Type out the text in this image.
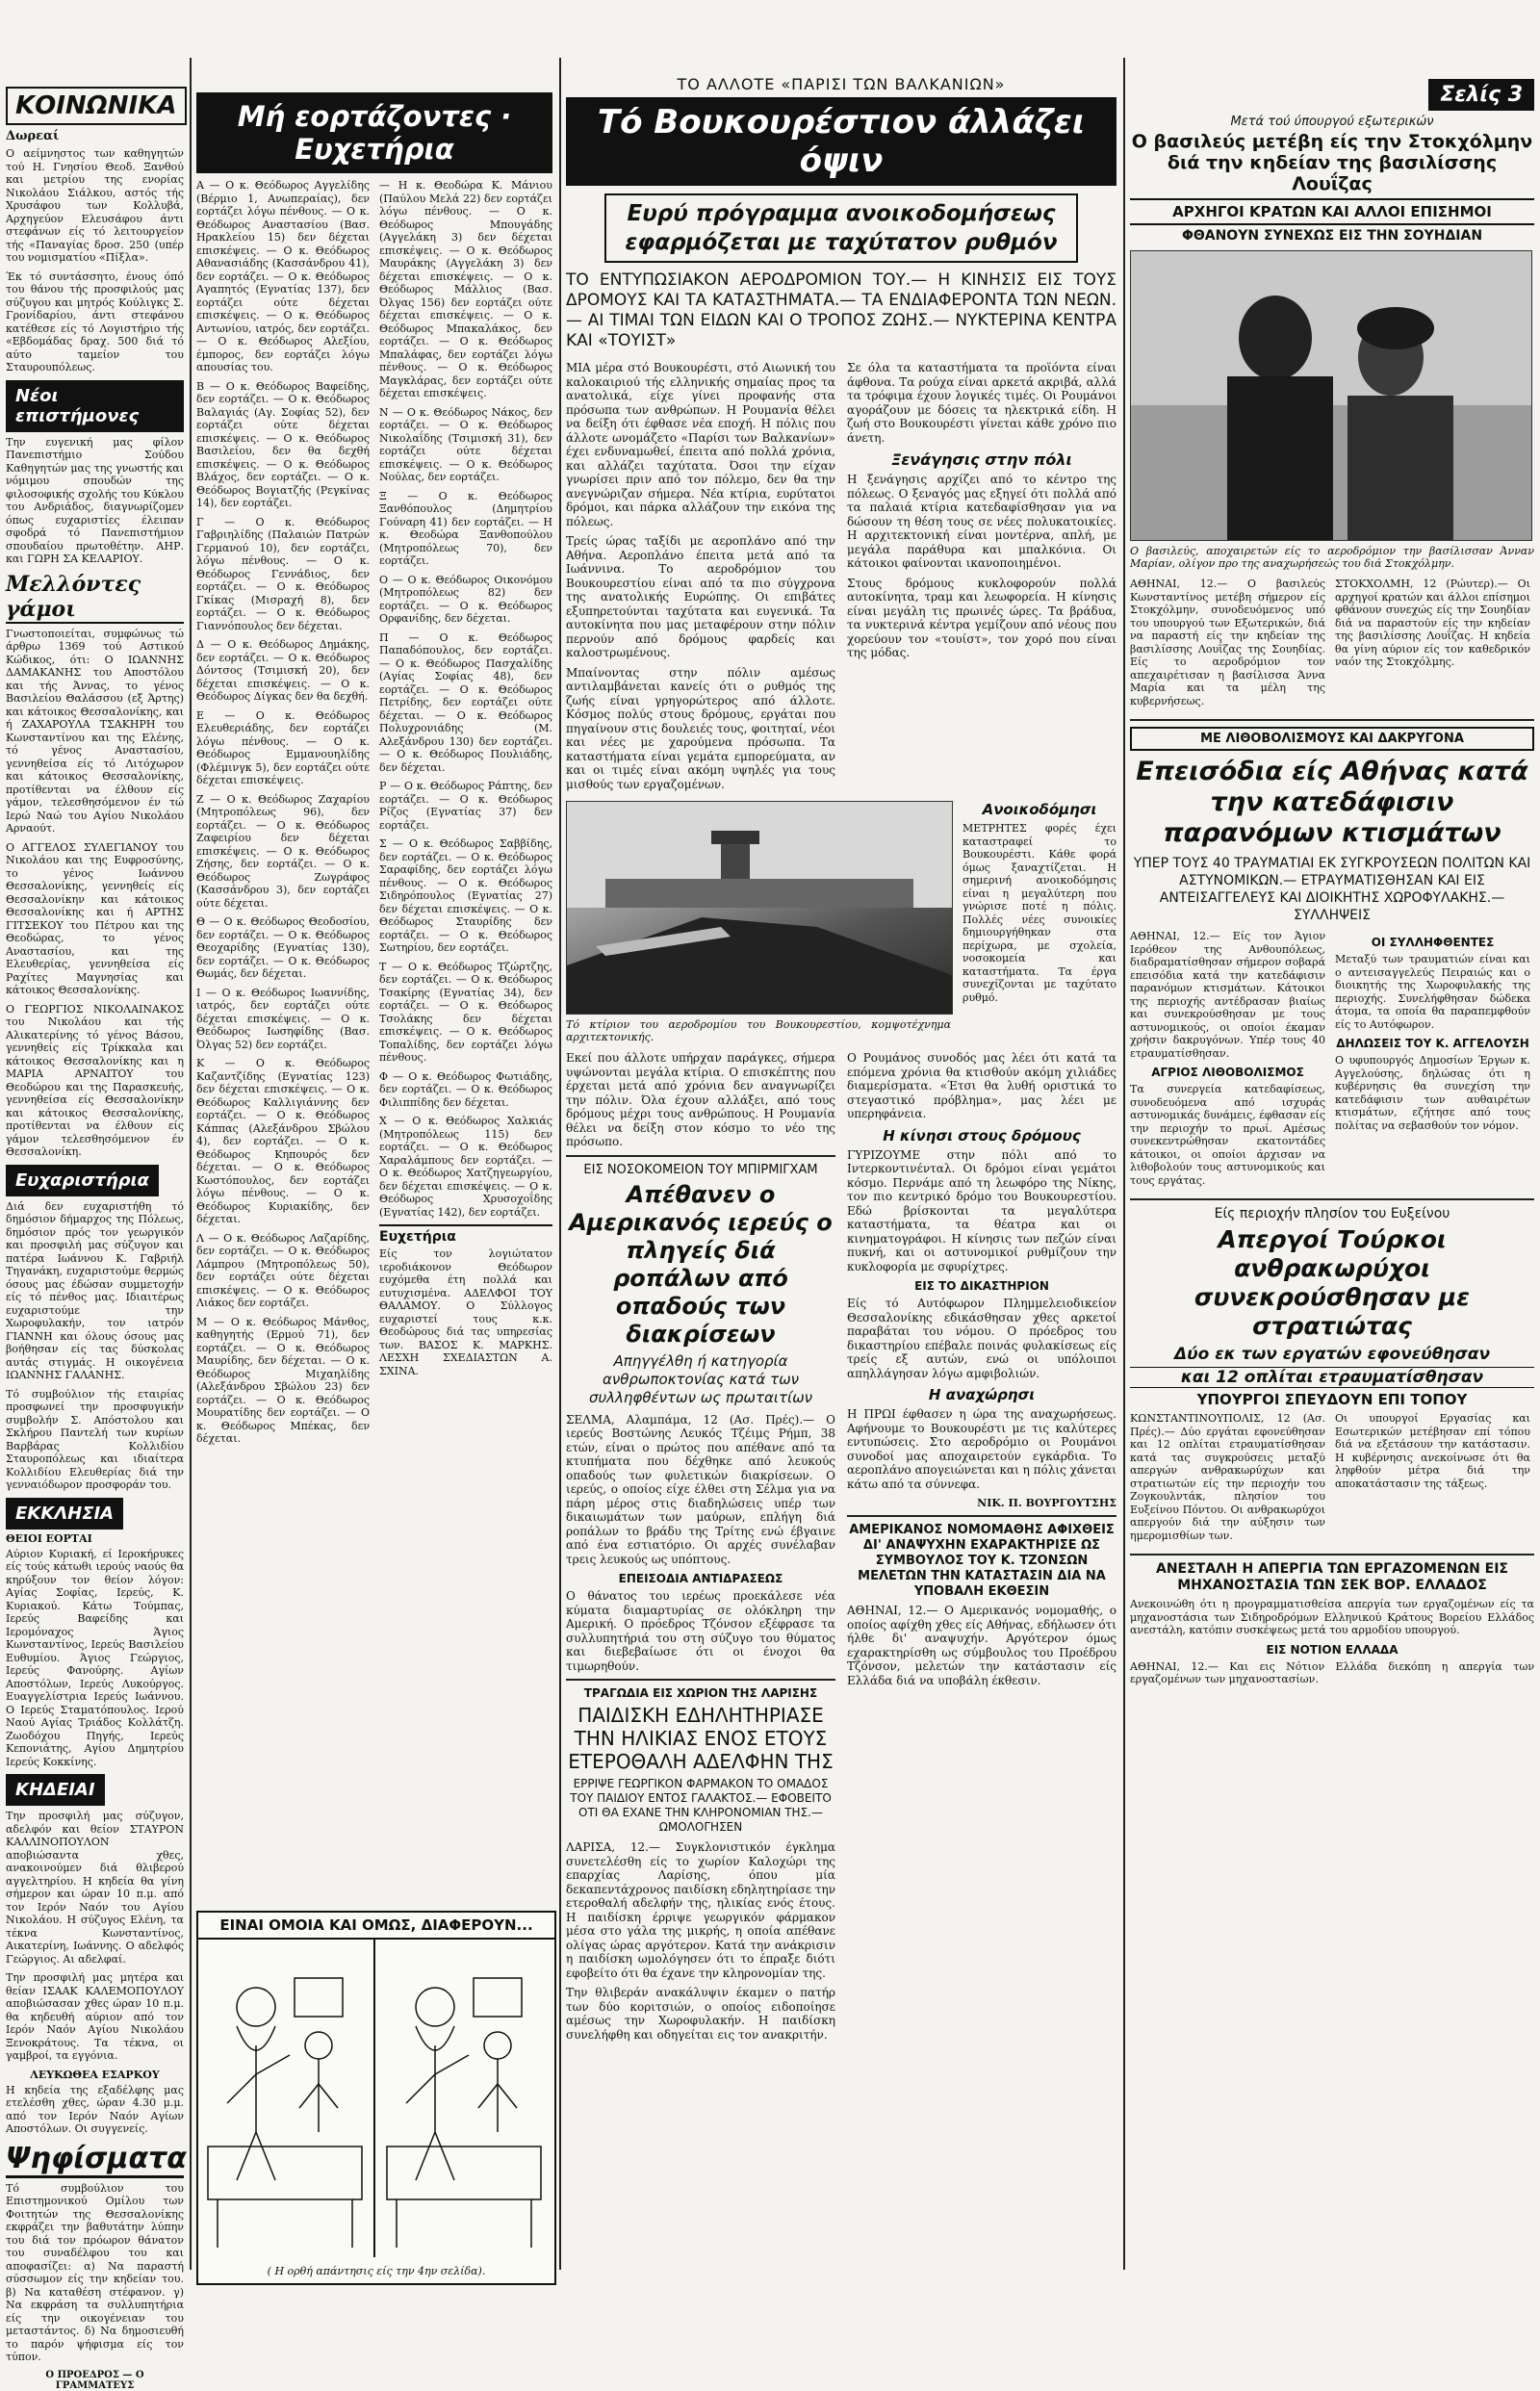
ΚΟΙΝΩΝΙΚΑ
Δωρεαί

Ο αείμνηστος των καθηγητών τού Η. Γνησίου Θεοδ. Ξανθού και μετρίου της ενορίας Νικολάου Σιάλκου, αστός τής Χρυσάφου των Κολλυβά, Αρχηγεύον Ελευσάφου άντι στεφάνων είς τό λειτουργείον τής «Παναγίας δροσ. 250 (υπέρ του νομισματίου «Πίξλα».

Έκ τό συντάσσητο, ένους όπό του θάνου τής προσφιλούς μας σύζυγου και μητρός Κούλιγκς Σ. Γρονίδαρίου, άντι στεφάνου κατέθεσε είς τό Λογιστήριο τής «Εβδομάδας δραχ. 500 διά τό αύτο ταμείον του Σταυρουπόλεως.

Νέοι επιστήμονες

Την ευγενική μας φίλον Πανεπιστήμιο Σούδου Καθηγητών μας της γνωστής και νόμιμου σπουδών της φιλοσοφικής σχολής του Κύκλου του Ανδριάδος, διαγνωρίζομεν όπως ευχαριστίες έλειπαν σφοδρά τό Πανεπιστήμιον σπουδαίου πρωτοθέτην. ΑΗΡ. και ΓΩΡΗ ΣΑ ΚΕΛΑΡΙΟΥ.

Μελλόντες γάμοι

Γνωστοποιείται, συμφώνως τώ άρθρω 1369 τού Αστικού Κώδικος, ότι: Ο ΙΩΑΝΝΗΣ ΔΑΜΑΚΑΝΗΣ του Αποστόλου και τής Άννας, το γένος Βασιλείου Θαλάσσου (εξ Άρτης) και κάτοικος Θεσσαλονίκης, και ή ΖΑΧΑΡΟΥΛΑ ΤΣΑΚΗΡΗ του Κωνσταντίνου και της Ελένης, τό γένος Αναστασίου, γεννηθείσα είς τό Λιτόχωρον και κάτοικος Θεσσαλονίκης, προτίθενται να έλθουν είς γάμον, τελεσθησόμενον έν τώ Ιερώ Ναώ του Αγίου Νικολάου Αρναούτ.

Ο ΑΓΓΕΛΟΣ ΣΥΛΕΓΙΑΝΟΥ του Νικολάου και της Ευφροσύνης, το γένος Ιωάννου Θεσσαλονίκης, γεννηθείς είς Θεσσαλονίκην και κάτοικος Θεσσαλονίκης και ή ΑΡΤΗΣ ΓΙΤΣΕΚΟΥ του Πέτρου και της Θεοδώρας, το γένος Αναστασίου, και της Ελευθερίας, γεννηθείσα είς Ραχίτες Μαγνησίας και κάτοικος Θεσσαλονίκης.

Ο ΓΕΩΡΓΙΟΣ ΝΙΚΟΛΑΙΝΑΚΟΣ του Νικολάου και τής Αλικατερίνης τό γένος Βάσου, γεννηθείς είς Τρίκκαλα και κάτοικος Θεσσαλονίκης και η ΜΑΡΙΑ ΑΡΝΑΙΤΟΥ του Θεοδώρου και της Παρασκευής, γεννηθείσα είς Θεσσαλονίκην και κάτοικος Θεσσαλονίκης, προτίθενται να έλθουν είς γάμον τελεσθησόμενον έν Θεσσαλονίκη.

Ευχαριστήρια

Διά δεν ευχαριστήθη τό δημόσιον δήμαρχος της Πόλεως, δημόσιον πρός τον γεωργικόν και προσφιλή μας σύζυγον και πατέρα Ιωάννου Κ. Γαβριήλ Τηγανάκη, ευχαριστούμε θερμώς όσους μας έδώσαν συμμετοχήν είς τό πένθος μας. Ιδιαιτέρως ευχαριστούμε την Χωροφυλακήν, τον ιατρόν ΓΙΑΝΝΗ και όλους όσους μας βοήθησαν είς τας δύσκολας αυτάς στιγμάς. Η οικογένεια ΙΩΑΝΝΗΣ ΓΑΛΑΝΗΣ.

Τό συμβούλιον τής εταιρίας προσφωνεί την προσφυγικήν συμβολήν Σ. Απόστολου και Σκλήρου Παντελή των κυρίων Βαρβάρας Κολλιδίου Σταυροπόλεως και ιδιαίτερα Κολλιδίου Ελευθερίας διά την γενναιόδωρον προσφοράν του.

ΕΚΚΛΗΣΙΑ
ΘΕΙΟΙ ΕΟΡΤΑΙ

Αύριον Κυριακή, εί Ιεροκήρυκες είς τούς κάτωθι ιερούς ναούς θα κηρύξουν τον θείον λόγον: Αγίας Σοφίας, Ιερεύς, Κ. Κυριακού. Κάτω Τούμπας, Ιερεύς Βαφείδης και Ιερομόναχος Άγιος Κωνσταντίνος, Ιερεύς Βασιλείου Ευθυμίου. Άγιος Γεώργιος, Ιερεύς Φανούρης. Αγίων Αποστόλων, Ιερεύς Λυκούργος. Ευαγγελίστρια Ιερεύς Ιωάννου. Ο Ιερεύς Σταματόπουλος. Ιερού Ναού Αγίας Τριάδος Κολλάτζη. Ζωοδόχου Πηγής, Ιερεύς Κεπονιάτης, Αγίου Δημητρίου Ιερεύς Κοκκίνης.

ΚΗΔΕΙΑΙ

Την προσφιλή μας σύζυγον, αδελφόν και θείον ΣΤΑΥΡΟΝ ΚΑΛΛΙΝΟΠΟΥΛΟΝ αποβιώσαντα χθες, ανακοινούμεν διά θλιβερού αγγελτηρίου. Η κηδεία θα γίνη σήμερον και ώραν 10 π.μ. από τον Ιερόν Ναόν του Αγίου Νικολάου. Η σύζυγος Ελένη, τα τέκνα Κωνσταντίνος, Αικατερίνη, Ιωάννης. Ο αδελφός Γεώργιος. Αι αδελφαί.

Την προσφιλή μας μητέρα και θείαν ΙΣΑΑΚ ΚΑΛΕΜΟΠΟΥΛΟΥ αποβιώσασαν χθες ώραν 10 π.μ. θα κηδευθή αύριον από τον Ιερόν Ναόν Αγίου Νικολάου Ξενοκράτους. Τα τέκνα, οι γαμβροί, τα εγγόνια.

ΛΕΥΚΩΘΕΑ ΕΣΑΡΚΟΥ

Η κηδεία της εξαδέλφης μας ετελέσθη χθες, ώραν 4.30 μ.μ. από τον Ιερόν Ναόν Αγίων Αποστόλων. Οι συγγενείς.

Ψηφίσματα

Τό συμβούλιον του Επιστημονικού Ομίλου των Φοιτητών της Θεσσαλονίκης εκφράζει την βαθυτάτην λύπην του διά τον πρόωρον θάνατον του συναδέλφου του και αποφασίζει: α) Να παραστή σύσσωμον είς την κηδείαν του. β) Να καταθέση στέφανον. γ) Να εκφράση τα συλλυπητήρια είς την οικογένειαν του μεταστάντος. δ) Να δημοσιευθή το παρόν ψήφισμα είς τον τύπον.

Ο ΠΡΟΕΔΡΟΣ — Ο ΓΡΑΜΜΑΤΕΥΣ
Μή εορτάζοντες · Ευχετήρια

Α — Ο κ. Θεόδωρος Αγγελίδης (Βέρμιο 1, Ανωπεραίας), δεν εορτάζει λόγω πένθους. — Ο κ. Θεόδωρος Αναστασίου (Βασ. Ηρακλείου 15) δεν δέχεται επισκέψεις. — Ο κ. Θεόδωρος Αθανασιάδης (Κασσάνδρου 41), δεν εορτάζει. — Ο κ. Θεόδωρος Αγαπητός (Εγνατίας 137), δεν εορτάζει ούτε δέχεται επισκέψεις. — Ο κ. Θεόδωρος Αντωνίου, ιατρός, δεν εορτάζει. — Ο κ. Θεόδωρος Αλεξίου, έμπορος, δεν εορτάζει λόγω απουσίας του.

Β — Ο κ. Θεόδωρος Βαφείδης, δεν εορτάζει. — Ο κ. Θεόδωρος Βαλαγιάς (Αγ. Σοφίας 52), δεν εορτάζει ούτε δέχεται επισκέψεις. — Ο κ. Θεόδωρος Βασιλείου, δεν θα δεχθή επισκέψεις. — Ο κ. Θεόδωρος Βλάχος, δεν εορτάζει. — Ο κ. Θεόδωρος Βογιατζής (Ρεγκίνας 14), δεν εορτάζει.

Γ — Ο κ. Θεόδωρος Γαβριηλίδης (Παλαιών Πατρών Γερμανού 10), δεν εορτάζει, λόγω πένθους. — Ο κ. Θεόδωρος Γεννάδιος, δεν εορτάζει. — Ο κ. Θεόδωρος Γκίκας (Μισραχή 8), δεν εορτάζει. — Ο κ. Θεόδωρος Γιαννόπουλος δεν δέχεται.

Δ — Ο κ. Θεόδωρος Δημάκης, δεν εορτάζει. — Ο κ. Θεόδωρος Δόντσος (Τσιμισκή 20), δεν δέχεται επισκέψεις. — Ο κ. Θεόδωρος Δίγκας δεν θα δεχθή.

Ε — Ο κ. Θεόδωρος Ελευθεριάδης, δεν εορτάζει λόγω πένθους. — Ο κ. Θεόδωρος Εμμανουηλίδης (Φλέμινγκ 5), δεν εορτάζει ούτε δέχεται επισκέψεις.

Ζ — Ο κ. Θεόδωρος Ζαχαρίου (Μητροπόλεως 96), δεν εορτάζει. — Ο κ. Θεόδωρος Ζαφειρίου δεν δέχεται επισκέψεις. — Ο κ. Θεόδωρος Ζήσης, δεν εορτάζει. — Ο κ. Θεόδωρος Ζωγράφος (Κασσάνδρου 3), δεν εορτάζει ούτε δέχεται.

Θ — Ο κ. Θεόδωρος Θεοδοσίου, δεν εορτάζει. — Ο κ. Θεόδωρος Θεοχαρίδης (Εγνατίας 130), δεν εορτάζει. — Ο κ. Θεόδωρος Θωμάς, δεν δέχεται.

Ι — Ο κ. Θεόδωρος Ιωαννίδης, ιατρός, δεν εορτάζει ούτε δέχεται επισκέψεις. — Ο κ. Θεόδωρος Ιωσηφίδης (Βασ. Όλγας 52) δεν εορτάζει.

Κ — Ο κ. Θεόδωρος Καζαντζίδης (Εγνατίας 123) δεν δέχεται επισκέψεις. — Ο κ. Θεόδωρος Καλλιγιάννης δεν εορτάζει. — Ο κ. Θεόδωρος Κάππας (Αλεξάνδρου Σβώλου 4), δεν εορτάζει. — Ο κ. Θεόδωρος Κηπουρός δεν δέχεται. — Ο κ. Θεόδωρος Κωστόπουλος, δεν εορτάζει λόγω πένθους. — Ο κ. Θεόδωρος Κυριακίδης, δεν δέχεται.

Λ — Ο κ. Θεόδωρος Λαζαρίδης, δεν εορτάζει. — Ο κ. Θεόδωρος Λάμπρου (Μητροπόλεως 50), δεν εορτάζει ούτε δέχεται επισκέψεις. — Ο κ. Θεόδωρος Λιάκος δεν εορτάζει.

Μ — Ο κ. Θεόδωρος Μάνθος, καθηγητής (Ερμού 71), δεν εορτάζει. — Ο κ. Θεόδωρος Μαυρίδης, δεν δέχεται. — Ο κ. Θεόδωρος Μιχαηλίδης (Αλεξάνδρου Σβώλου 23) δεν εορτάζει. — Ο κ. Θεόδωρος Μουρατίδης δεν εορτάζει. — Ο κ. Θεόδωρος Μπέκας, δεν δέχεται.

— Η κ. Θεοδώρα Κ. Μάνιου (Παύλου Μελά 22) δεν εορτάζει λόγω πένθους. — Ο κ. Θεόδωρος Μπουγάδης (Αγγελάκη 3) δεν δέχεται επισκέψεις. — Ο κ. Θεόδωρος Μαυράκης (Αγγελάκη 3) δεν δέχεται επισκέψεις. — Ο κ. Θεόδωρος Μάλλιος (Βασ. Όλγας 156) δεν εορτάζει ούτε δέχεται επισκέψεις. — Ο κ. Θεόδωρος Μπακαλάκος, δεν εορτάζει. — Ο κ. Θεόδωρος Μπαλάφας, δεν εορτάζει λόγω πένθους. — Ο κ. Θεόδωρος Μαγκλάρας, δεν εορτάζει ούτε δέχεται επισκέψεις.

Ν — Ο κ. Θεόδωρος Νάκος, δεν εορτάζει. — Ο κ. Θεόδωρος Νικολαΐδης (Τσιμισκή 31), δεν εορτάζει ούτε δέχεται επισκέψεις. — Ο κ. Θεόδωρος Νούλας, δεν εορτάζει.

Ξ — Ο κ. Θεόδωρος Ξανθόπουλος (Δημητρίου Γούναρη 41) δεν εορτάζει. — Η κ. Θεοδώρα Ξανθοπούλου (Μητροπόλεως 70), δεν εορτάζει.

Ο — Ο κ. Θεόδωρος Οικονόμου (Μητροπόλεως 82) δεν εορτάζει. — Ο κ. Θεόδωρος Ορφανίδης, δεν δέχεται.

Π — Ο κ. Θεόδωρος Παπαδόπουλος, δεν εορτάζει. — Ο κ. Θεόδωρος Πασχαλίδης (Αγίας Σοφίας 48), δεν εορτάζει. — Ο κ. Θεόδωρος Πετρίδης, δεν εορτάζει ούτε δέχεται. — Ο κ. Θεόδωρος Πολυχρονιάδης (Μ. Αλεξάνδρου 130) δεν εορτάζει. — Ο κ. Θεόδωρος Πουλιάδης, δεν δέχεται.

Ρ — Ο κ. Θεόδωρος Ράπτης, δεν εορτάζει. — Ο κ. Θεόδωρος Ρίζος (Εγνατίας 37) δεν εορτάζει.

Σ — Ο κ. Θεόδωρος Σαββίδης, δεν εορτάζει. — Ο κ. Θεόδωρος Σαραφίδης, δεν εορτάζει λόγω πένθους. — Ο κ. Θεόδωρος Σιδηρόπουλος (Εγνατίας 27) δεν δέχεται επισκέψεις. — Ο κ. Θεόδωρος Σταυρίδης δεν εορτάζει. — Ο κ. Θεόδωρος Σωτηρίου, δεν εορτάζει.

Τ — Ο κ. Θεόδωρος Τζώρτζης, δεν εορτάζει. — Ο κ. Θεόδωρος Τσακίρης (Εγνατίας 34), δεν εορτάζει. — Ο κ. Θεόδωρος Τσολάκης δεν δέχεται επισκέψεις. — Ο κ. Θεόδωρος Τοπαλίδης, δεν εορτάζει λόγω πένθους.

Φ — Ο κ. Θεόδωρος Φωτιάδης, δεν εορτάζει. — Ο κ. Θεόδωρος Φιλιππίδης δεν δέχεται.

Χ — Ο κ. Θεόδωρος Χαλκιάς (Μητροπόλεως 115) δεν εορτάζει. — Ο κ. Θεόδωρος Χαραλάμπους δεν εορτάζει. — Ο κ. Θεόδωρος Χατζηγεωργίου, δεν δέχεται επισκέψεις. — Ο κ. Θεόδωρος Χρυσοχοΐδης (Εγνατίας 142), δεν εορτάζει.

Ευχετήρια

Είς τον λογιώτατον ιεροδιάκονον Θεόδωρον ευχόμεθα έτη πολλά και ευτυχισμένα. ΑΔΕΛΦΟΙ ΤΟΥ ΘΑΛΑΜΟΥ. Ο Σύλλογος ευχαριστεί τους κ.κ. Θεοδώρους διά τας υπηρεσίας των. ΒΑΣΟΣ Κ. ΜΑΡΚΗΣ. ΛΕΣΧΗ ΣΧΕΔΙΑΣΤΩΝ Α. ΣΧΙΝΑ.

ΕΙΝΑΙ ΟΜΟΙΑ ΚΑΙ ΟΜΩΣ, ΔΙΑΦΕΡΟΥΝ...
( Η ορθή απάντησις είς την 4ην σελίδα).
ΤΟ ΑΛΛΟΤΕ «ΠΑΡΙΣΙ ΤΩΝ ΒΑΛΚΑΝΙΩΝ»
Τό Βουκουρέστιον άλλάζει όψιν
Ευρύ πρόγραμμα ανοικοδομήσεως εφαρμόζεται με ταχύτατον ρυθμόν
ΤΟ ΕΝΤΥΠΩΣΙΑΚΟΝ ΑΕΡΟΔΡΟΜΙΟΝ ΤΟΥ.— Η ΚΙΝΗΣΙΣ ΕΙΣ ΤΟΥΣ ΔΡΟΜΟΥΣ ΚΑΙ ΤΑ ΚΑΤΑΣΤΗΜΑΤΑ.— ΤΑ ΕΝΔΙΑΦΕΡΟΝΤΑ ΤΩΝ ΝΕΩΝ.— ΑΙ ΤΙΜΑΙ ΤΩΝ ΕΙΔΩΝ ΚΑΙ Ο ΤΡΟΠΟΣ ΖΩΗΣ.— ΝΥΚΤΕΡΙΝΑ ΚΕΝΤΡΑ ΚΑΙ «ΤΟΥΙΣΤ»

ΜΙΑ μέρα στό Βουκουρέστι, στό Αιωνική του καλοκαιριού τής ελληνικής σημαίας προς τα ανατολικά, είχε γίνει προφανής στα πρόσωπα των ανθρώπων. Η Ρουμανία θέλει να δείξη ότι έφθασε νέα εποχή. Η πόλις που άλλοτε ωνομάζετο «Παρίσι των Βαλκανίων» έχει ενδυναμωθεί, έπειτα από πολλά χρόνια, και αλλάζει ταχύτατα. Όσοι την είχαν γνωρίσει πριν από τον πόλεμο, δεν θα την ανεγνώριζαν σήμερα. Νέα κτίρια, ευρύτατοι δρόμοι, και πάρκα αλλάζουν την εικόνα της πόλεως.

Τρείς ώρας ταξίδι με αεροπλάνο από την Αθήνα. Αεροπλάνο έπειτα μετά από τα Ιωάννινα. Το αεροδρόμιον του Βουκουρεστίου είναι από τα πιο σύγχρονα της ανατολικής Ευρώπης. Οι επιβάτες εξυπηρετούνται ταχύτατα και ευγενικά. Τα αυτοκίνητα που μας μεταφέρουν στην πόλιν περνούν από δρόμους φαρδείς και καλοστρωμένους.

Μπαίνοντας στην πόλιν αμέσως αντιλαμβάνεται κανείς ότι ο ρυθμός της ζωής είναι γρηγορώτερος από άλλοτε. Κόσμος πολύς στους δρόμους, εργάται που πηγαίνουν στις δουλειές τους, φοιτηταί, νέοι και νέες με χαρούμενα πρόσωπα. Τα καταστήματα είναι γεμάτα εμπορεύματα, αν και οι τιμές είναι ακόμη υψηλές για τους μισθούς των εργαζομένων.

Σε όλα τα καταστήματα τα προϊόντα είναι άφθονα. Τα ρούχα είναι αρκετά ακριβά, αλλά τα τρόφιμα έχουν λογικές τιμές. Οι Ρουμάνοι αγοράζουν με δόσεις τα ηλεκτρικά είδη. Η ζωή στο Βουκουρέστι γίνεται κάθε χρόνο πιο άνετη.

Ξενάγησις στην πόλι

Η ξενάγησις αρχίζει από το κέντρο της πόλεως. Ο ξεναγός μας εξηγεί ότι πολλά από τα παλαιά κτίρια κατεδαφίσθησαν για να δώσουν τη θέση τους σε νέες πολυκατοικίες. Η αρχιτεκτονική είναι μοντέρνα, απλή, με μεγάλα παράθυρα και μπαλκόνια. Οι κάτοικοι φαίνονται ικανοποιημένοι.

Στους δρόμους κυκλοφορούν πολλά αυτοκίνητα, τραμ και λεωφορεία. Η κίνησις είναι μεγάλη τις πρωινές ώρες. Τα βράδυα, τα νυκτερινά κέντρα γεμίζουν από νέους που χορεύουν τον «τουίστ», τον χορό που είναι της μόδας.

Τό κτίριον του αεροδρομίου του Βουκουρεστίου, κομψοτέχνημα αρχιτεκτονικής.
Ανοικοδόμησι

ΜΕΤΡΗΤΕΣ φορές έχει καταστραφεί το Βουκουρέστι. Κάθε φορά όμως ξαναχτίζεται. Η σημερινή ανοικοδόμησις είναι η μεγαλύτερη που γνώρισε ποτέ η πόλις. Πολλές νέες συνοικίες δημιουργήθηκαν στα περίχωρα, με σχολεία, νοσοκομεία και καταστήματα. Τα έργα συνεχίζονται με ταχύτατο ρυθμό.

Εκεί που άλλοτε υπήρχαν παράγκες, σήμερα υψώνονται μεγάλα κτίρια. Ο επισκέπτης που έρχεται μετά από χρόνια δεν αναγνωρίζει την πόλιν. Όλα έχουν αλλάξει, από τους δρόμους μέχρι τους ανθρώπους. Η Ρουμανία θέλει να δείξη στον κόσμο το νέο της πρόσωπο.

ΕΙΣ ΝΟΣΟΚΟΜΕΙΟΝ ΤΟΥ ΜΠΙΡΜΙΓΧΑΜ
Απέθανεν ο Αμερικανός ιερεύς ο πληγείς διά ροπάλων από οπαδούς των διακρίσεων
Απηγγέλθη ή κατηγορία ανθρωποκτονίας κατά των συλληφθέντων ως πρωταιτίων

ΣΕΛΜΑ, Αλαμπάμα, 12 (Ασ. Πρές).— Ο ιερεύς Βοστώνης Λευκός Τζέιμς Ρήμπ, 38 ετών, είναι ο πρώτος που απέθανε από τα κτυπήματα που δέχθηκε από λευκούς οπαδούς των φυλετικών διακρίσεων. Ο ιερεύς, ο οποίος είχε έλθει στη Σέλμα για να πάρη μέρος στις διαδηλώσεις υπέρ των δικαιωμάτων των μαύρων, επλήγη διά ροπάλων το βράδυ της Τρίτης ενώ έβγαινε από ένα εστιατόριο. Οι αρχές συνέλαβαν τρεις λευκούς ως υπόπτους.

ΕΠΕΙΣΟΔΙΑ ΑΝΤΙΔΡΑΣΕΩΣ

Ο θάνατος του ιερέως προεκάλεσε νέα κύματα διαμαρτυρίας σε ολόκληρη την Αμερική. Ο πρόεδρος Τζόνσον εξέφρασε τα συλλυπητήριά του στη σύζυγο του θύματος και διεβεβαίωσε ότι οι ένοχοι θα τιμωρηθούν.

ΤΡΑΓΩΔΙΑ ΕΙΣ ΧΩΡΙΟΝ ΤΗΣ ΛΑΡΙΣΗΣ
ΠΑΙΔΙΣΚΗ ΕΔΗΛΗΤΗΡΙΑΣΕ ΤΗΝ ΗΛΙΚΙΑΣ ΕΝΟΣ ΕΤΟΥΣ ΕΤΕΡΟΘΑΛΗ ΑΔΕΛΦΗΝ ΤΗΣ
ΕΡΡΙΨΕ ΓΕΩΡΓΙΚΟΝ ΦΑΡΜΑΚΟΝ ΤΟ ΟΜΑΔΟΣ ΤΟΥ ΠΑΙΔΙΟΥ ΕΝΤΟΣ ΓΑΛΑΚΤΟΣ.— ΕΦΟΒΕΙΤΟ ΟΤΙ ΘΑ ΕΧΑΝΕ ΤΗΝ ΚΛΗΡΟΝΟΜΙΑΝ ΤΗΣ.— ΩΜΟΛΟΓΗΣΕΝ

ΛΑΡΙΣΑ, 12.— Συγκλονιστικόν έγκλημα συνετελέσθη είς το χωρίον Καλοχώρι της επαρχίας Λαρίσης, όπου μία δεκαπεντάχρονος παιδίσκη εδηλητηρίασε την ετεροθαλή αδελφήν της, ηλικίας ενός έτους. Η παιδίσκη έρριψε γεωργικόν φάρμακον μέσα στο γάλα της μικρής, η οποία απέθανε ολίγας ώρας αργότερον. Κατά την ανάκρισιν η παιδίσκη ωμολόγησεν ότι το έπραξε διότι εφοβείτο ότι θα έχανε την κληρονομίαν της.

Την θλιβεράν ανακάλυψιν έκαμεν ο πατήρ των δύο κοριτσιών, ο οποίος ειδοποίησε αμέσως την Χωροφυλακήν. Η παιδίσκη συνελήφθη και οδηγείται εις τον ανακριτήν.

Ο Ρουμάνος συνοδός μας λέει ότι κατά τα επόμενα χρόνια θα κτισθούν ακόμη χιλιάδες διαμερίσματα. «Έτσι θα λυθή οριστικά το στεγαστικό πρόβλημα», μας λέει με υπερηφάνεια.

Η κίνησι στους δρόμους

ΓΥΡΙΖΟΥΜΕ στην πόλι από το Ιντερκοντινένταλ. Οι δρόμοι είναι γεμάτοι κόσμο. Περνάμε από τη λεωφόρο της Νίκης, τον πιο κεντρικό δρόμο του Βουκουρεστίου. Εδώ βρίσκονται τα μεγαλύτερα καταστήματα, τα θέατρα και οι κινηματογράφοι. Η κίνησις των πεζών είναι πυκνή, και οι αστυνομικοί ρυθμίζουν την κυκλοφορία με σφυρίχτρες.

ΕΙΣ ΤΟ ΔΙΚΑΣΤΗΡΙΟΝ

Είς τό Αυτόφωρον Πλημμελειοδικείον Θεσσαλονίκης εδικάσθησαν χθες αρκετοί παραβάται του νόμου. Ο πρόεδρος του δικαστηρίου επέβαλε ποινάς φυλακίσεως είς τρείς εξ αυτών, ενώ οι υπόλοιποι απηλλάγησαν λόγω αμφιβολιών.

Η αναχώρησι

Η ΠΡΩΙ έφθασεν η ώρα της αναχωρήσεως. Αφήνουμε το Βουκουρέστι με τις καλύτερες εντυπώσεις. Στο αεροδρόμιο οι Ρουμάνοι συνοδοί μας αποχαιρετούν εγκάρδια. Το αεροπλάνο απογειώνεται και η πόλις χάνεται κάτω από τα σύννεφα.

ΝΙΚ. Π. ΒΟΥΡΓΟΥΤΣΗΣ
ΑΜΕΡΙΚΑΝΟΣ ΝΟΜΟΜΑΘΗΣ ΑΦΙΧΘΕΙΣ ΔΙ' ΑΝΑΨΥΧΗΝ ΕΧΑΡΑΚΤΗΡΙΣΕ ΩΣ ΣΥΜΒΟΥΛΟΣ ΤΟΥ Κ. ΤΖΟΝΣΩΝ ΜΕΛΕΤΩΝ ΤΗΝ ΚΑΤΑΣΤΑΣΙΝ ΔΙΑ ΝΑ ΥΠΟΒΑΛΗ ΕΚΘΕΣΙΝ

ΑΘΗΝΑΙ, 12.— Ο Αμερικανός νομομαθής, ο οποίος αφίχθη χθες είς Αθήνας, εδήλωσεν ότι ήλθε δι' αναψυχήν. Αργότερον όμως εχαρακτηρίσθη ως σύμβουλος του Προέδρου Τζόνσον, μελετών την κατάστασιν είς Ελλάδα διά να υποβάλη έκθεσιν.

Σελίς 3
Μετά τού ύπουργού εξωτερικών
Ο βασιλεύς μετέβη είς την Στοκχόλμην διά την κηδείαν της βασιλίσσης Λουΐζας
ΑΡΧΗΓΟΙ ΚΡΑΤΩΝ ΚΑΙ ΑΛΛΟΙ ΕΠΙΣΗΜΟΙ
ΦΘΑΝΟΥΝ ΣΥΝΕΧΩΣ ΕΙΣ ΤΗΝ ΣΟΥΗΔΙΑΝ
Ο βασιλεύς, αποχαιρετών είς το αεροδρόμιον την βασίλισσαν Άνναν Μαρίαν, ολίγον προ της αναχωρήσεώς του διά Στοκχόλμην.

ΑΘΗΝΑΙ, 12.— Ο βασιλεύς Κωνσταντίνος μετέβη σήμερον είς Στοκχόλμην, συνοδευόμενος υπό του υπουργού των Εξωτερικών, διά να παραστή είς την κηδείαν της βασιλίσσης Λουΐζας της Σουηδίας. Είς το αεροδρόμιον τον απεχαιρέτισαν η βασίλισσα Άννα Μαρία και τα μέλη της κυβερνήσεως.

ΣΤΟΚΧΟΛΜΗ, 12 (Ρώυτερ).— Οι αρχηγοί κρατών και άλλοι επίσημοι φθάνουν συνεχώς είς την Σουηδίαν διά να παραστούν είς την κηδείαν της βασιλίσσης Λουΐζας. Η κηδεία θα γίνη αύριον είς τον καθεδρικόν ναόν της Στοκχόλμης.

ΜΕ ΛΙΘΟΒΟΛΙΣΜΟΥΣ ΚΑΙ ΔΑΚΡΥΓΟΝΑ
Επεισόδια είς Αθήνας κατά την κατεδάφισιν παρανόμων κτισμάτων
ΥΠΕΡ ΤΟΥΣ 40 ΤΡΑΥΜΑΤΙΑΙ ΕΚ ΣΥΓΚΡΟΥΣΕΩΝ ΠΟΛΙΤΩΝ ΚΑΙ ΑΣΤΥΝΟΜΙΚΩΝ.— ΕΤΡΑΥΜΑΤΙΣΘΗΣΑΝ ΚΑΙ ΕΙΣ ΑΝΤΕΙΣΑΓΓΕΛΕΥΣ ΚΑΙ ΔΙΟΙΚΗΤΗΣ ΧΩΡΟΦΥΛΑΚΗΣ.— ΣΥΛΛΗΨΕΙΣ

ΑΘΗΝΑΙ, 12.— Είς τον Άγιον Ιερόθεον της Ανθουπόλεως, διαδραματίσθησαν σήμερον σοβαρά επεισόδια κατά την κατεδάφισιν παρανόμων κτισμάτων. Κάτοικοι της περιοχής αντέδρασαν βιαίως και συνεκρούσθησαν με τους αστυνομικούς, οι οποίοι έκαμαν χρήσιν δακρυγόνων. Υπέρ τους 40 ετραυματίσθησαν.

ΑΓΡΙΟΣ ΛΙΘΟΒΟΛΙΣΜΟΣ

Τα συνεργεία κατεδαφίσεως, συνοδευόμενα από ισχυράς αστυνομικάς δυνάμεις, έφθασαν είς την περιοχήν το πρωί. Αμέσως συνεκεντρώθησαν εκατοντάδες κάτοικοι, οι οποίοι άρχισαν να λιθοβολούν τους αστυνομικούς και τους εργάτας.

ΟΙ ΣΥΛΛΗΦΘΕΝΤΕΣ

Μεταξύ των τραυματιών είναι και ο αντεισαγγελεύς Πειραιώς και ο διοικητής της Χωροφυλακής της περιοχής. Συνελήφθησαν δώδεκα άτομα, τα οποία θα παραπεμφθούν είς το Αυτόφωρον.

ΔΗΛΩΣΕΙΣ ΤΟΥ Κ. ΑΓΓΕΛΟΥΣΗ

Ο υφυπουργός Δημοσίων Έργων κ. Αγγελούσης, δηλώσας ότι η κυβέρνησις θα συνεχίση την κατεδάφισιν των αυθαιρέτων κτισμάτων, εζήτησε από τους πολίτας να σεβασθούν τον νόμον.

Είς περιοχήν πλησίον του Ευξείνου
Απεργοί Τούρκοι ανθρακωρύχοι συνεκρούσθησαν με στρατιώτας
Δύο εκ των εργατών εφονεύθησαν
και 12 οπλίται ετραυματίσθησαν
ΥΠΟΥΡΓΟΙ ΣΠΕΥΔΟΥΝ ΕΠΙ ΤΟΠΟΥ

ΚΩΝΣΤΑΝΤΙΝΟΥΠΟΛΙΣ, 12 (Ασ. Πρές).— Δύο εργάται εφονεύθησαν και 12 οπλίται ετραυματίσθησαν κατά τας συγκρούσεις μεταξύ απεργών ανθρακωρύχων και στρατιωτών είς την περιοχήν του Ζογκουλντάκ, πλησίον του Ευξείνου Πόντου. Οι ανθρακωρύχοι απεργούν διά την αύξησιν των ημερομισθίων των.

Οι υπουργοί Εργασίας και Εσωτερικών μετέβησαν επί τόπου διά να εξετάσουν την κατάστασιν. Η κυβέρνησις ανεκοίνωσε ότι θα ληφθούν μέτρα διά την αποκατάστασιν της τάξεως.

ΑΝΕΣΤΑΛΗ Η ΑΠΕΡΓΙΑ ΤΩΝ ΕΡΓΑΖΟΜΕΝΩΝ ΕΙΣ ΜΗΧΑΝΟΣΤΑΣΙΑ ΤΩΝ ΣΕΚ ΒΟΡ. ΕΛΛΑΔΟΣ

Ανεκοινώθη ότι η προγραμματισθείσα απεργία των εργαζομένων είς τα μηχανοστάσια των Σιδηροδρόμων Ελληνικού Κράτους Βορείου Ελλάδος ανεστάλη, κατόπιν συσκέψεως μετά του αρμοδίου υπουργού.

ΕΙΣ ΝΟΤΙΟΝ ΕΛΛΑΔΑ

ΑΘΗΝΑΙ, 12.— Και εις Νότιον Ελλάδα διεκόπη η απεργία των εργαζομένων των μηχανοστασίων.
